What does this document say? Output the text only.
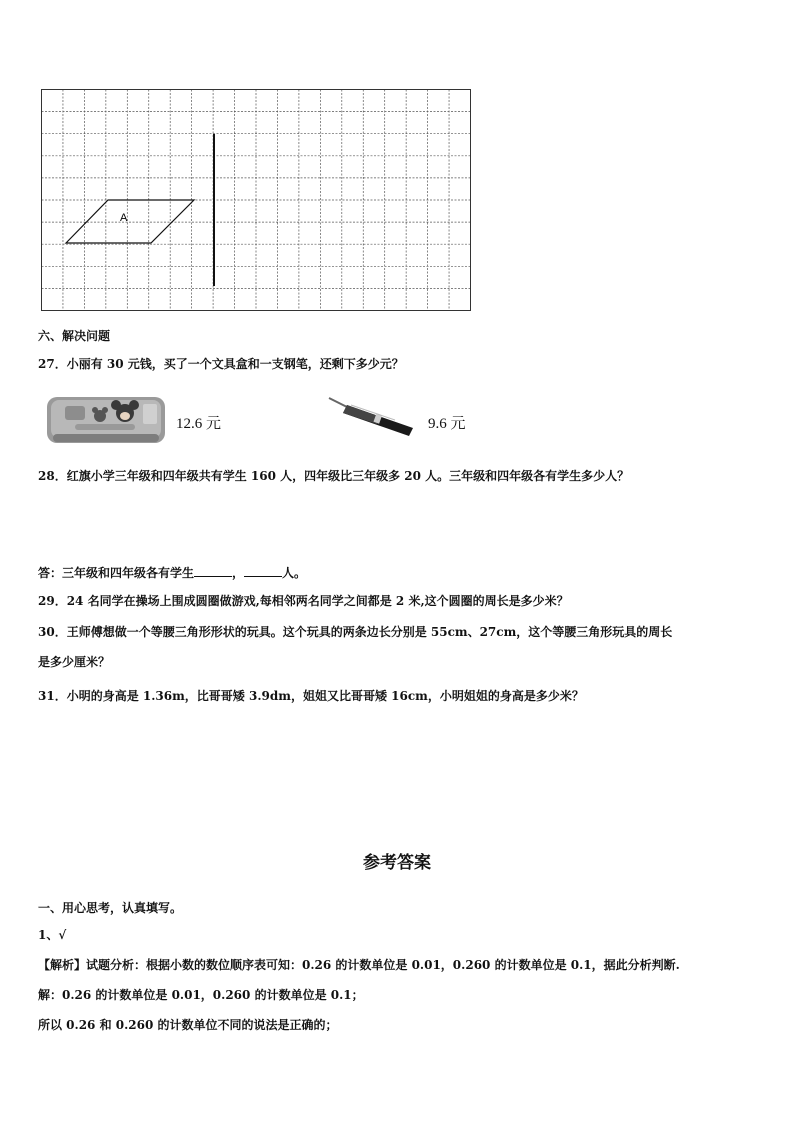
A
六、解决问题
27．小丽有 30 元钱，买了一个文具盒和一支钢笔，还剩下多少元？
12.6 元	9.6 元
28．红旗小学三年级和四年级共有学生 160 人，四年级比三年级多 20 人。三年级和四年级各有学生多少人？
答：三年级和四年级各有学生	，	人。
29．24 名同学在操场上围成圆圈做游戏,每相邻两名同学之间都是 2 米,这个圆圈的周长是多少米？
30．王师傅想做一个等腰三角形形状的玩具。这个玩具的两条边长分别是 55cm、27cm，这个等腰三角形玩具的周长
是多少厘米？
31．小明的身高是 1.36m，比哥哥矮 3.9dm，姐姐又比哥哥矮 16cm，小明姐姐的身高是多少米？
参考答案
一、用心思考，认真填写。
1、√
【解析】试题分析：根据小数的数位顺序表可知：0.26 的计数单位是 0.01，0.260 的计数单位是 0.1，据此分析判断.
解：0.26 的计数单位是 0.01，0.260 的计数单位是 0.1；
所以 0.26 和 0.260 的计数单位不同的说法是正确的；
